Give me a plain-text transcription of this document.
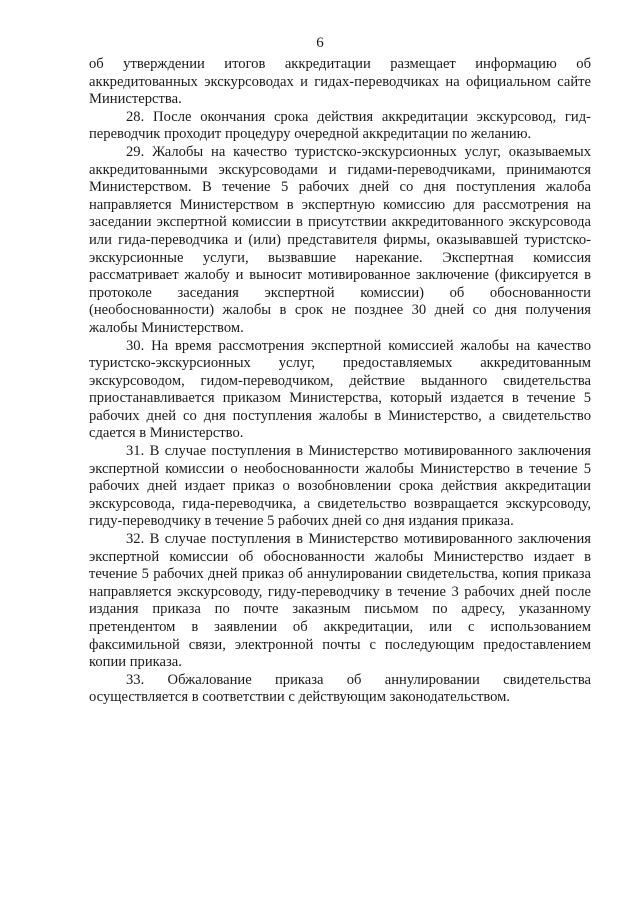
6

об утверждении итогов аккредитации размещает информацию об аккредитованных экскурсоводах и гидах-переводчиках на официальном сайте Министерства.

28. После окончания срока действия аккредитации экскурсовод, гид-переводчик проходит процедуру очередной аккредитации по желанию.

29. Жалобы на качество туристско-экскурсионных услуг, оказываемых аккредитованными экскурсоводами и гидами-переводчиками, принимаются Министерством. В течение 5 рабочих дней со дня поступления жалоба направляется Министерством в экспертную комиссию для рассмотрения на заседании экспертной комиссии в присутствии аккредитованного экскурсовода или гида-переводчика и (или) представителя фирмы, оказывавшей туристско-экскурсионные услуги, вызвавшие нарекание. Экспертная комиссия рассматривает жалобу и выносит мотивированное заключение (фиксируется в протоколе заседания экспертной комиссии) об обоснованности (необоснованности) жалобы в срок не позднее 30 дней со дня получения жалобы Министерством.

30. На время рассмотрения экспертной комиссией жалобы на качество туристско-экскурсионных услуг, предоставляемых аккредитованным экскурсоводом, гидом-переводчиком, действие выданного свидетельства приостанавливается приказом Министерства, который издается в течение 5 рабочих дней со дня поступления жалобы в Министерство, а свидетельство сдается в Министерство.

31. В случае поступления в Министерство мотивированного заключения экспертной комиссии о необоснованности жалобы Министерство в течение 5 рабочих дней издает приказ о возобновлении срока действия аккредитации экскурсовода, гида-переводчика, а свидетельство возвращается экскурсоводу, гиду-переводчику в течение 5 рабочих дней со дня издания приказа.

32. В случае поступления в Министерство мотивированного заключения экспертной комиссии об обоснованности жалобы Министерство издает в течение 5 рабочих дней приказ об аннулировании свидетельства, копия приказа направляется экскурсоводу, гиду-переводчику в течение 3 рабочих дней после издания приказа по почте заказным письмом по адресу, указанному претендентом в заявлении об аккредитации, или с использованием факсимильной связи, электронной почты с последующим предоставлением копии приказа.

33. Обжалование приказа об аннулировании свидетельства осуществляется в соответствии с действующим законодательством.
